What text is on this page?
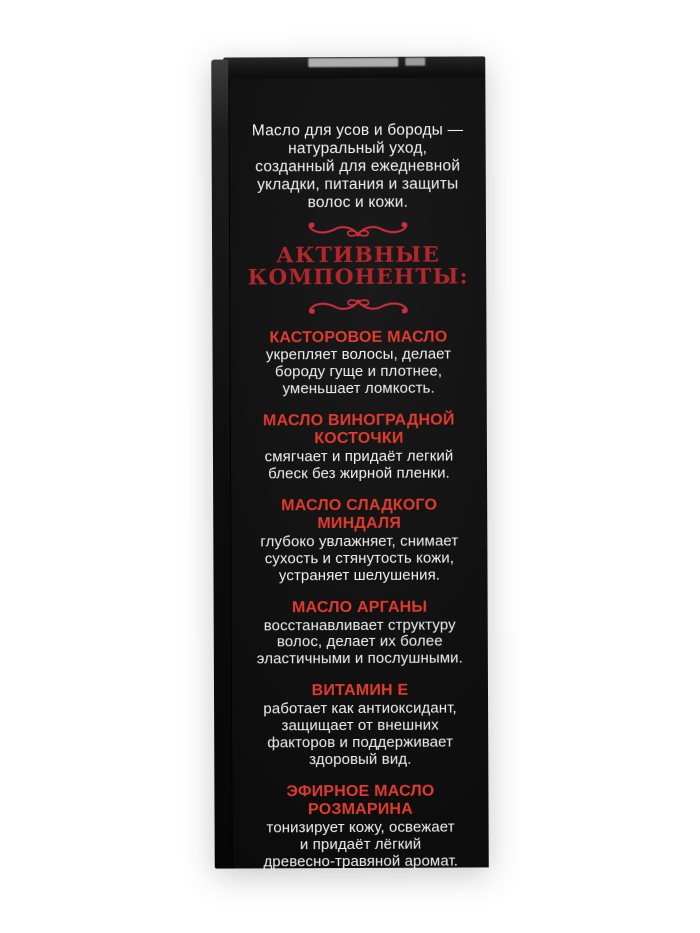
Масло для усов и бороды —
натуральный уход,
созданный для ежедневной
укладки, питания и защиты
волос и кожи.

АКТИВНЫЕ
КОМПОНЕНТЫ:
КАСТОРОВОЕ МАСЛО

укрепляет волосы, делает
бороду гуще и плотнее,
уменьшает ломкость.

МАСЛО ВИНОГРАДНОЙ
КОСТОЧКИ

смягчает и придаёт легкий
блеск без жирной пленки.

МАСЛО СЛАДКОГО
МИНДАЛЯ

глубоко увлажняет, снимает
сухость и стянутость кожи,
устраняет шелушения.

МАСЛО АРГАНЫ

восстанавливает структуру
волос, делает их более
эластичными и послушными.

ВИТАМИН Е

работает как антиоксидант,
защищает от внешних
факторов и поддерживает
здоровый вид.

ЭФИРНОЕ МАСЛО
РОЗМАРИНА

тонизирует кожу, освежает
и придаёт лёгкий
древесно-травяной аромат.
